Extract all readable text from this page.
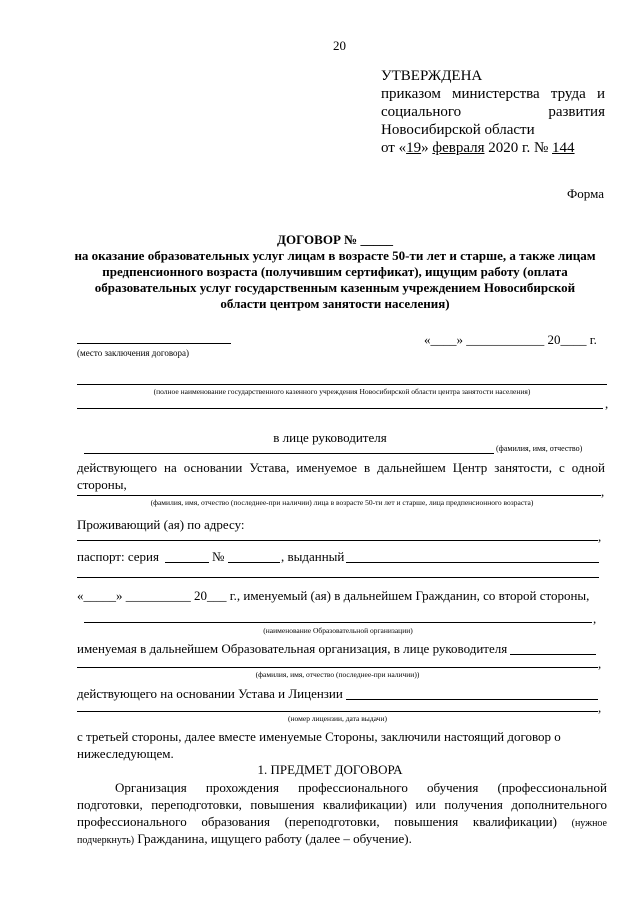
20
УТВЕРЖДЕНА
приказом министерства труда и
социального	развития
Новосибирской области
от «19» февраля 2020 г. № 144
Форма
ДОГОВОР № _____
на оказание образовательных услуг лицам в возрасте 50-ти лет и старше, а также лицам
предпенсионного возраста (получившим сертификат), ищущим работу (оплата
образовательных услуг государственным казенным учреждением Новосибирской
области центром занятости населения)
(место заключения договора)
«____» ____________ 20____ г.
(полное наименование государственного казенного учреждения Новосибирской области центра занятости населения)
,
в лице руководителя
(фамилия, имя, отчество)
действующего на основании Устава, именуемое в дальнейшем Центр занятости, с одной
стороны,	,
(фамилия, имя, отчество (последнее-при наличии) лица в возрасте 50-ти лет и старше, лица предпенсионного возраста)
Проживающий (ая) по адресу:
,
паспорт: серия	№	, выданный
«_____» __________ 20___ г., именуемый (ая) в дальнейшем Гражданин, со второй стороны,
,
(наименование Образовательной организации)
именуемая в дальнейшем Образовательная организация, в лице руководителя
,
(фамилия, имя, отчество (последнее-при наличии))
действующего на основании Устава и Лицензии
,
(номер лицензии, дата выдачи)
с третьей стороны, далее вместе именуемые Стороны, заключили настоящий договор о
нижеследующем.
1. ПРЕДМЕТ ДОГОВОРА
Организация прохождения профессионального обучения (профессиональной
подготовки, переподготовки, повышения квалификации) или получения дополнительного
профессионального образования (переподготовки, повышения квалификации) (нужное
подчеркнуть) Гражданина, ищущего работу (далее – обучение).
